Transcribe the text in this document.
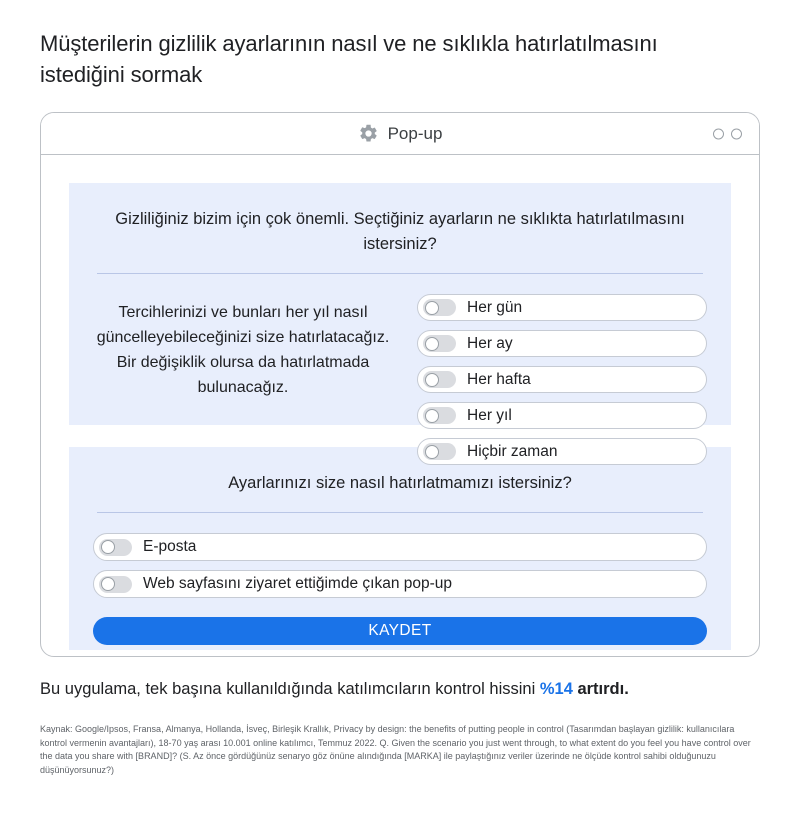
Müşterilerin gizlilik ayarlarının nasıl ve ne sıklıkla hatırlatılmasını istediğini sormak
Pop-up
Gizliliğiniz bizim için çok önemli. Seçtiğiniz ayarların ne sıklıkta hatırlatılmasını istersiniz?
Tercihlerinizi ve bunları her yıl nasıl güncelleyebileceğinizi size hatırlatacağız. Bir değişiklik olursa da hatırlatmada bulunacağız.
Her gün
Her ay
Her hafta
Her yıl
Hiçbir zaman
Ayarlarınızı size nasıl hatırlatmamızı istersiniz?
E-posta
Web sayfasını ziyaret ettiğimde çıkan pop-up
KAYDET
Bu uygulama, tek başına kullanıldığında katılımcıların kontrol hissini %14 artırdı.
Kaynak: Google/Ipsos, Fransa, Almanya, Hollanda, İsveç, Birleşik Krallık, Privacy by design: the benefits of putting people in control (Tasarımdan başlayan gizlilik: kullanıcılara kontrol vermenin avantajları), 18-70 yaş arası 10.001 online katılımcı, Temmuz 2022. Q. Given the scenario you just went through, to what extent do you feel you have control over the data you share with [BRAND]? (S. Az önce gördüğünüz senaryo göz önüne alındığında [MARKA] ile paylaştığınız veriler üzerinde ne ölçüde kontrol sahibi olduğunuzu düşünüyorsunuz?)
